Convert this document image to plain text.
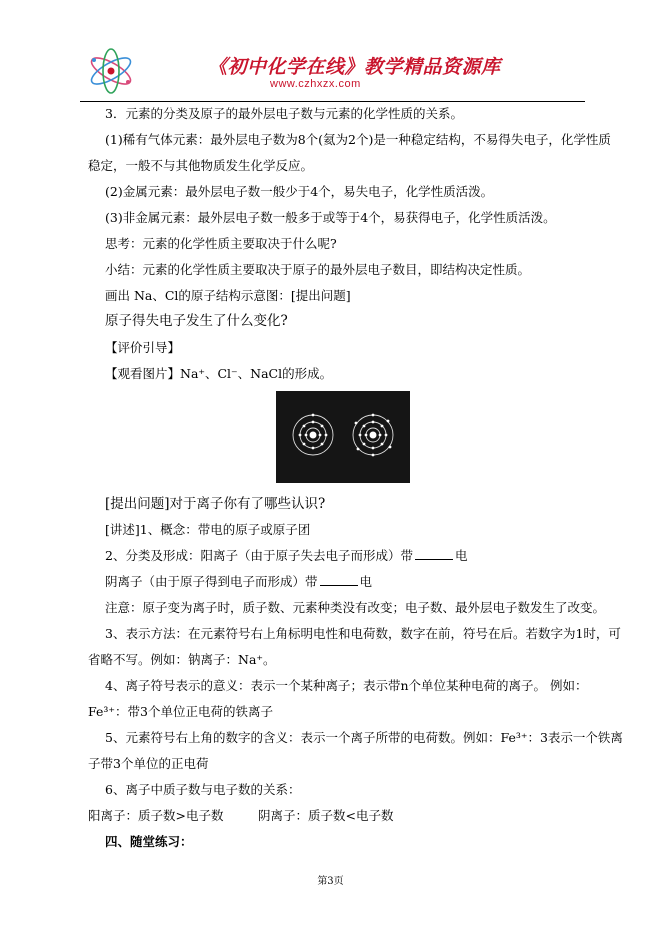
《初中化学在线》教学精品资源库
www.czhxzx.com
3．元素的分类及原子的最外层电子数与元素的化学性质的关系。
(1)稀有气体元素：最外层电子数为8个(氦为2个)是一种稳定结构，不易得失电子，化学性质
稳定，一般不与其他物质发生化学反应。
(2)金属元素：最外层电子数一般少于4个，易失电子，化学性质活泼。
(3)非金属元素：最外层电子数一般多于或等于4个，易获得电子，化学性质活泼。
思考：元素的化学性质主要取决于什么呢?
小结：元素的化学性质主要取决于原子的最外层电子数目，即结构决定性质。
画出 Na、Cl的原子结构示意图：[提出问题]
原子得失电子发生了什么变化?
【评价引导】
【观看图片】Na⁺、Cl⁻、NaCl的形成。
[提出问题]对于离子你有了哪些认识?
[讲述]1、概念：带电的原子或原子团
2、分类及形成：阳离子（由于原子失去电子而形成）带	电
阴离子（由于原子得到电子而形成）带	电
注意：原子变为离子时，质子数、元素种类没有改变；电子数、最外层电子数发生了改变。
3、表示方法：在元素符号右上角标明电性和电荷数，数字在前，符号在后。若数字为1时，可
省略不写。例如：钠离子：Na⁺。
4、离子符号表示的意义：表示一个某种离子；表示带n个单位某种电荷的离子。 例如：
Fe³⁺：带3个单位正电荷的铁离子
5、元素符号右上角的数字的含义：表示一个离子所带的电荷数。例如：Fe³⁺：3表示一个铁离
子带3个单位的正电荷
6、离子中质子数与电子数的关系：
阳离子：质子数>电子数	阴离子：质子数<电子数
四、随堂练习：
第3页
